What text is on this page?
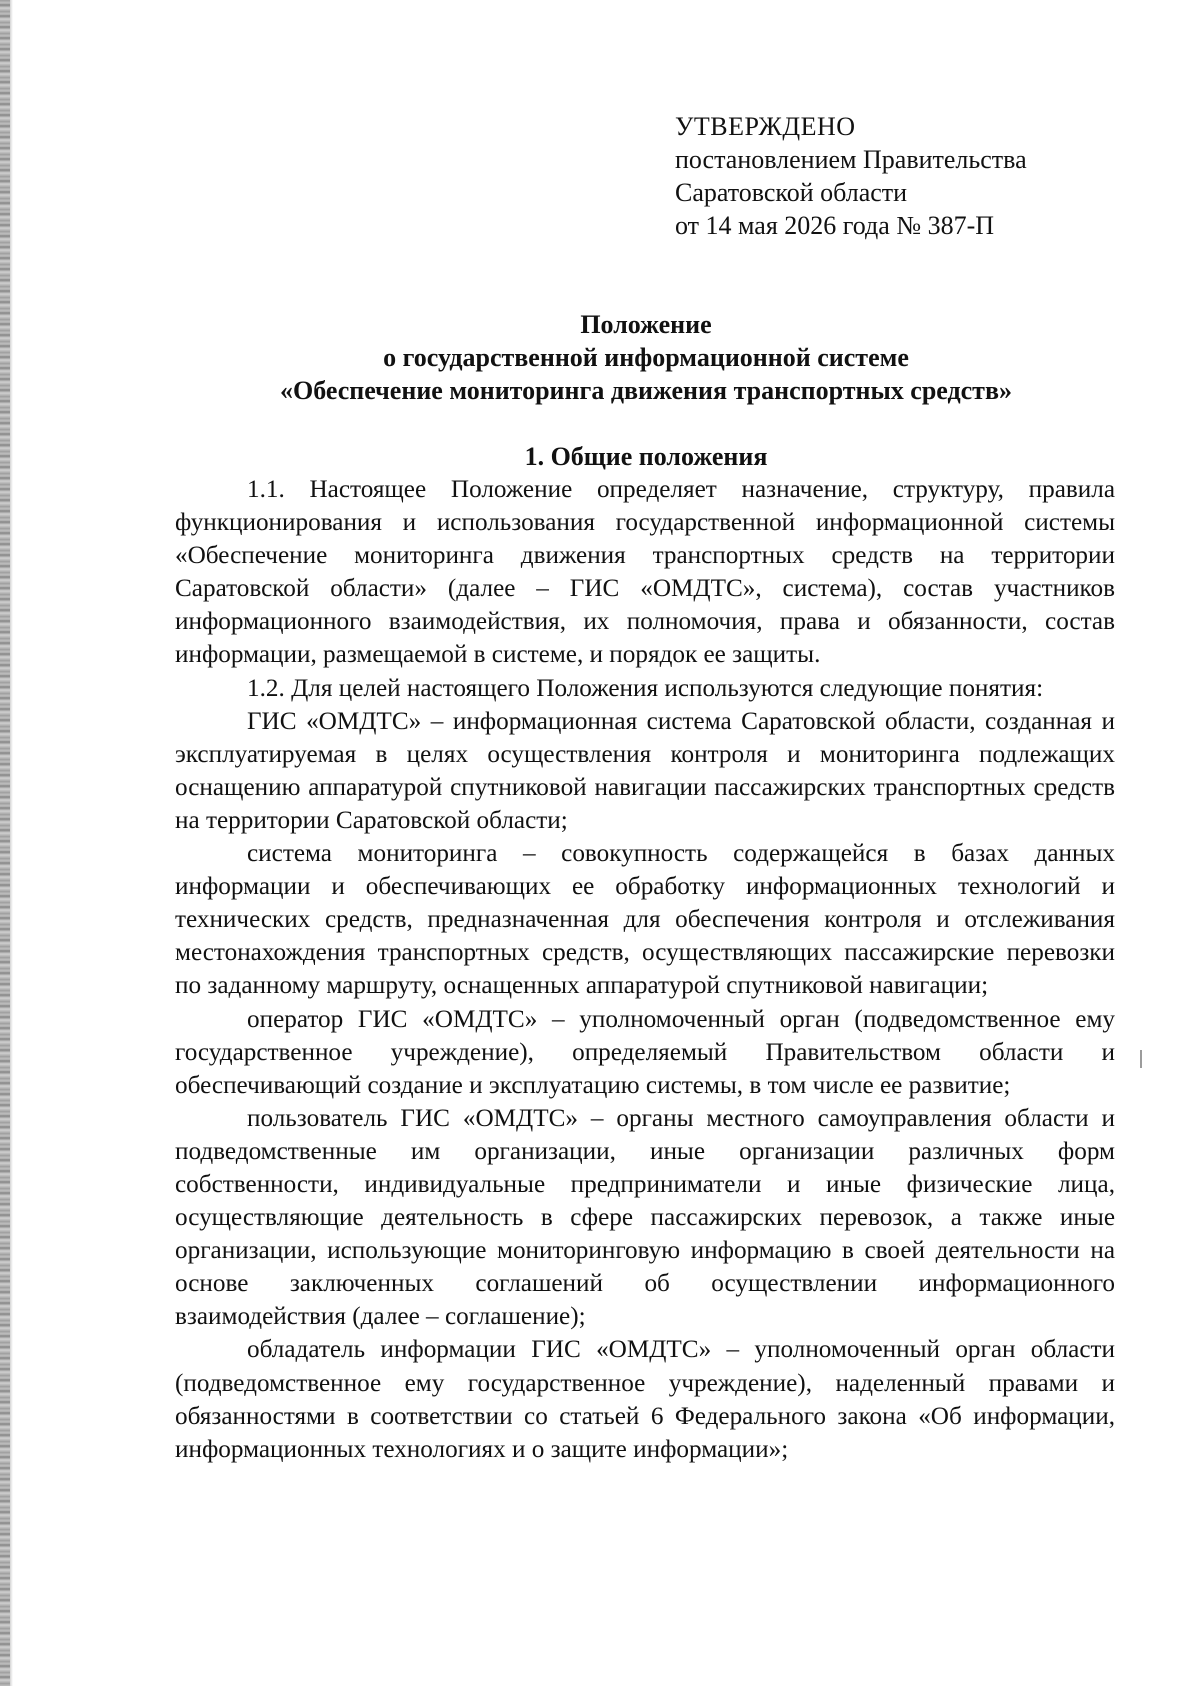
УТВЕРЖДЕНО
постановлением Правительства
Саратовской области
от 14 мая 2026 года № 387-П
Положение
о государственной информационной системе
«Обеспечение мониторинга движения транспортных средств»
1. Общие положения

1.1. Настоящее Положение определяет назначение, структуру, правила функционирования и использования государственной информационной системы «Обеспечение мониторинга движения транспортных средств на территории Саратовской области» (далее – ГИС «ОМДТС», система), состав участников информационного взаимодействия, их полномочия, права и обязанности, состав информации, размещаемой в системе, и порядок ее защиты.

1.2. Для целей настоящего Положения используются следующие понятия:

ГИС «ОМДТС» – информационная система Саратовской области, созданная и эксплуатируемая в целях осуществления контроля и мониторинга подлежащих оснащению аппаратурой спутниковой навигации пассажирских транспортных средств на территории Саратовской области;

система мониторинга – совокупность содержащейся в базах данных информации и обеспечивающих ее обработку информационных технологий и технических средств, предназначенная для обеспечения контроля и отслеживания местонахождения транспортных средств, осуществляющих пассажирские перевозки по заданному маршруту, оснащенных аппаратурой спутниковой навигации;

оператор ГИС «ОМДТС» – уполномоченный орган (подведомственное ему государственное учреждение), определяемый Правительством области и обеспечивающий создание и эксплуатацию системы, в том числе ее развитие;

пользователь ГИС «ОМДТС» – органы местного самоуправления области и подведомственные им организации, иные организации различных форм собственности, индивидуальные предприниматели и иные физические лица, осуществляющие деятельность в сфере пассажирских перевозок, а также иные организации, использующие мониторинговую информацию в своей деятельности на основе заключенных соглашений об осуществлении информационного взаимодействия (далее – соглашение);

обладатель информации ГИС «ОМДТС» – уполномоченный орган области (подведомственное ему государственное учреждение), наделенный правами и обязанностями в соответствии со статьей 6 Федерального закона «Об информации, информационных технологиях и о защите информации»;
